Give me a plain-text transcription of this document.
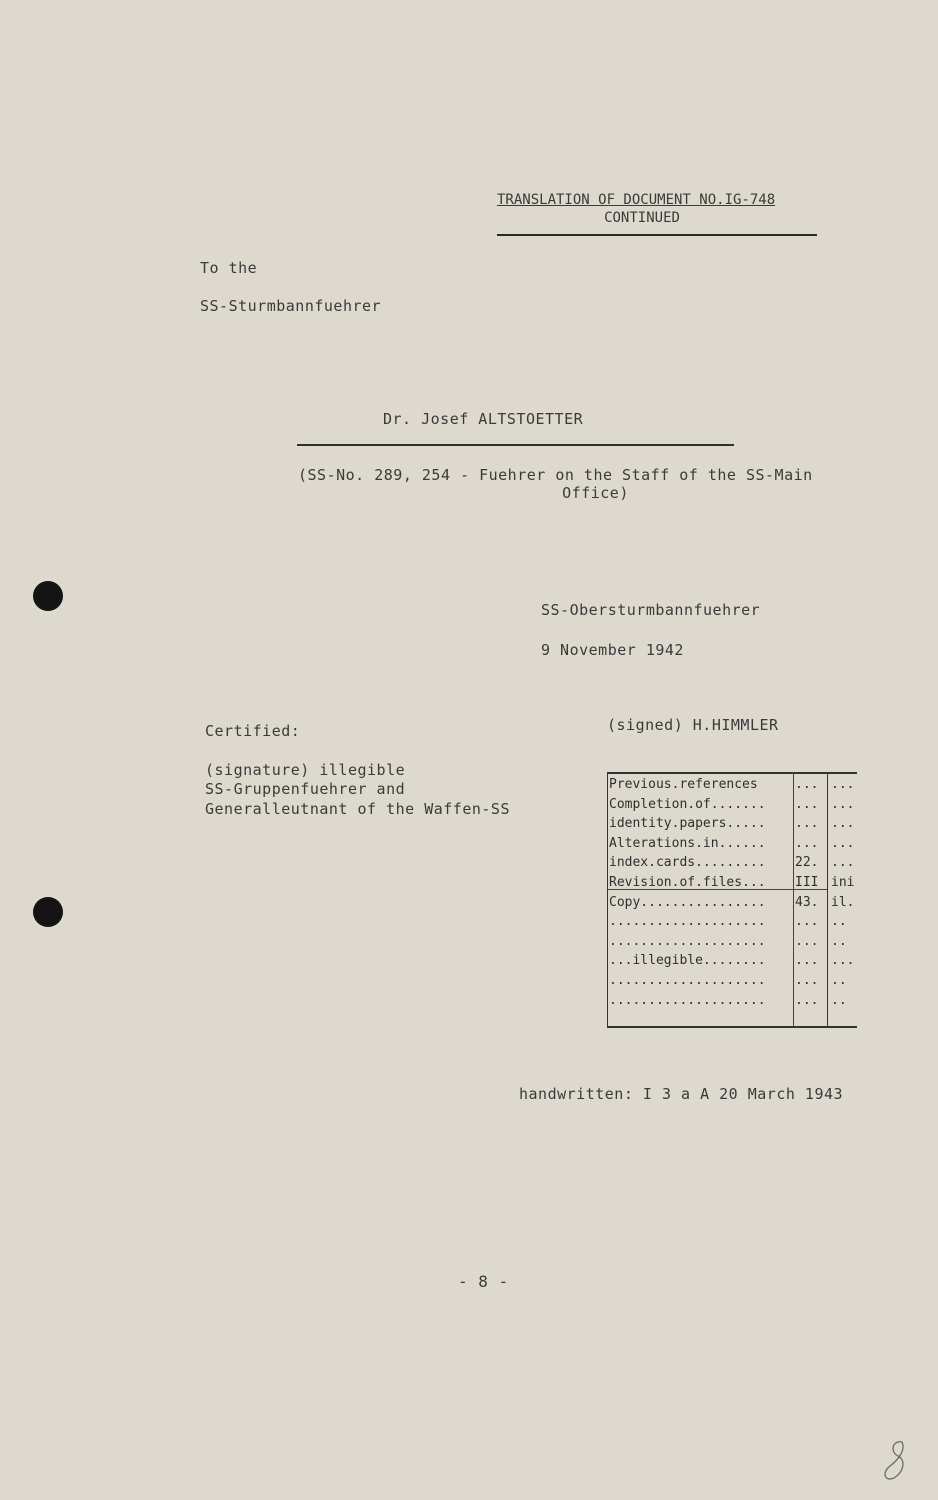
TRANSLATION OF DOCUMENT NO.IG-748
CONTINUED
To the
SS-Sturmbannfuehrer
Dr. Josef ALTSTOETTER
(SS-No. 289, 254 - Fuehrer on the Staff of the SS-Main
Office)
SS-Obersturmbannfuehrer
9 November 1942
(signed) H.HIMMLER
Certified:
(signature) illegible
SS-Gruppenfuehrer and
Generalleutnant of the Waffen-SS
Previous.references	... ...
Completion.of....... ... ...
identity.papers..... ... ...
Alterations.in...... ... ...
index.cards......... 22. ...
Revision.of.files... III ini
Copy................ 43. il.
.................... ... ..
.................... ... ..
...illegible........ ... ...
.................... ... ..
.................... ... ..
handwritten: I 3 a A 20 March 1943
- 8 -
